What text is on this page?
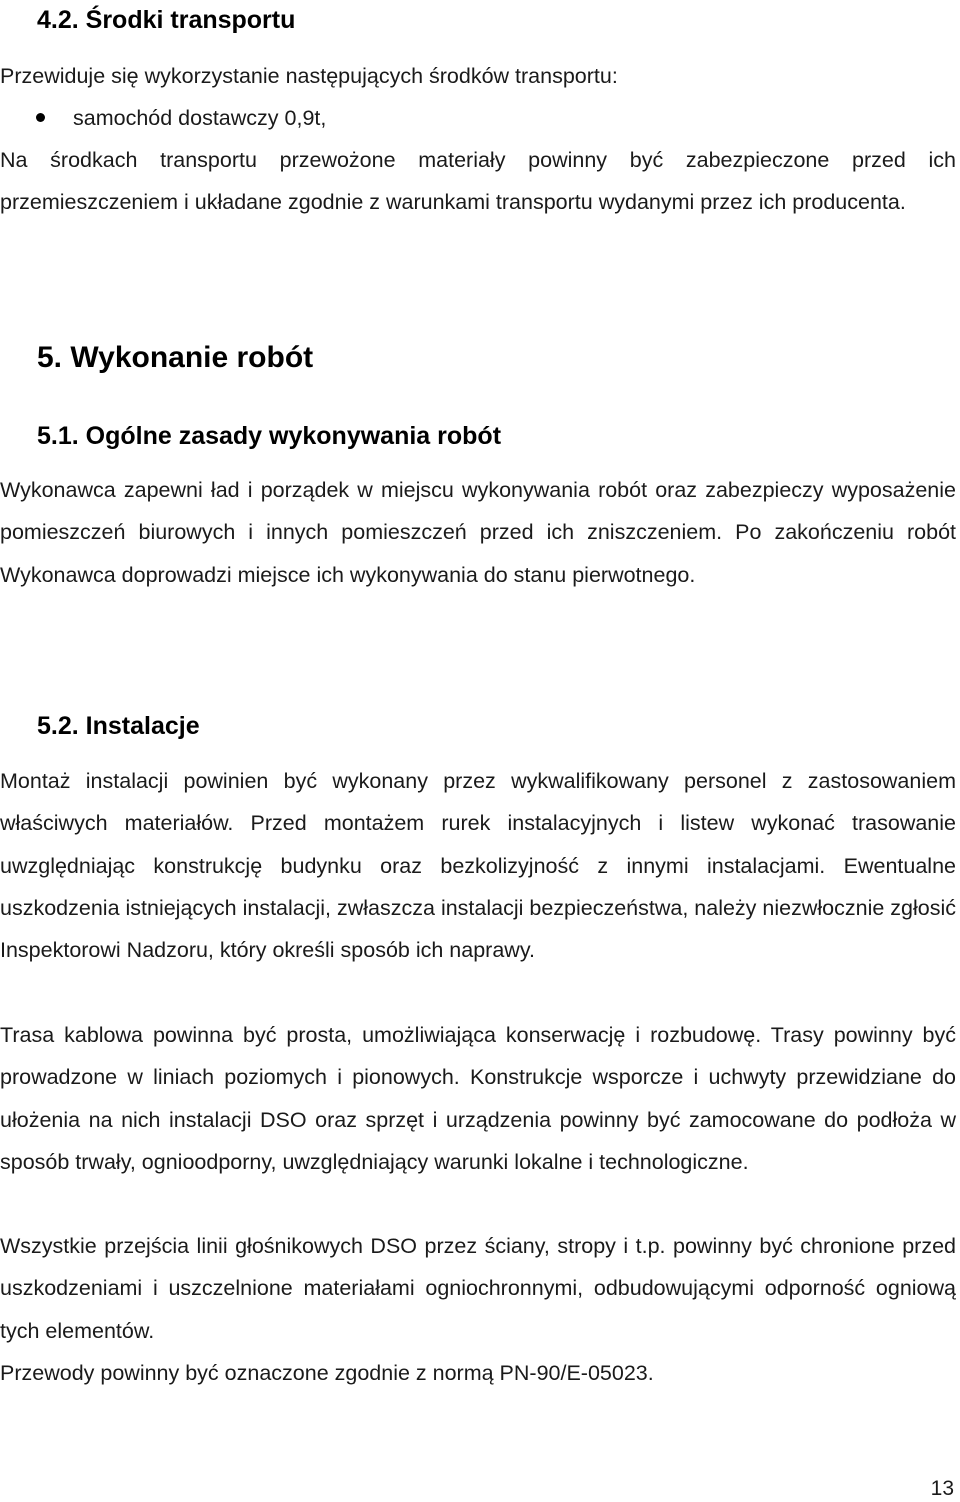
4.2. Środki transportu

Przewiduje się wykorzystanie następujących środków transportu:

samochód dostawczy 0,9t,

Na środkach transportu przewożone materiały powinny być zabezpieczone przed ich przemieszczeniem i układane zgodnie z warunkami transportu wydanymi przez ich producenta.

5. Wykonanie robót
5.1. Ogólne zasady wykonywania robót

Wykonawca zapewni ład i porządek w miejscu wykonywania robót oraz zabezpieczy wyposażenie pomieszczeń biurowych i innych pomieszczeń przed ich zniszczeniem. Po zakończeniu robót Wykonawca doprowadzi miejsce ich wykonywania do stanu pierwotnego.

5.2. Instalacje

Montaż instalacji powinien być wykonany przez wykwalifikowany personel z zastosowaniem właściwych materiałów. Przed montażem rurek instalacyjnych i listew wykonać trasowanie uwzględniając konstrukcję budynku oraz bezkolizyjność z innymi instalacjami. Ewentualne uszkodzenia istniejących instalacji, zwłaszcza instalacji bezpieczeństwa, należy niezwłocznie zgłosić Inspektorowi Nadzoru, który określi sposób ich naprawy.

Trasa kablowa powinna być prosta, umożliwiająca konserwację i rozbudowę. Trasy powinny być prowadzone w liniach poziomych i pionowych. Konstrukcje wsporcze i uchwyty przewidziane do ułożenia na nich instalacji DSO oraz sprzęt i urządzenia powinny być zamocowane do podłoża w sposób trwały, ognioodporny, uwzględniający warunki lokalne i technologiczne.

Wszystkie przejścia linii głośnikowych DSO przez ściany, stropy i t.p. powinny być chronione przed uszkodzeniami i uszczelnione materiałami ogniochronnymi, odbudowującymi odporność ogniową tych elementów.

Przewody powinny być oznaczone zgodnie z normą PN-90/E-05023.

13
